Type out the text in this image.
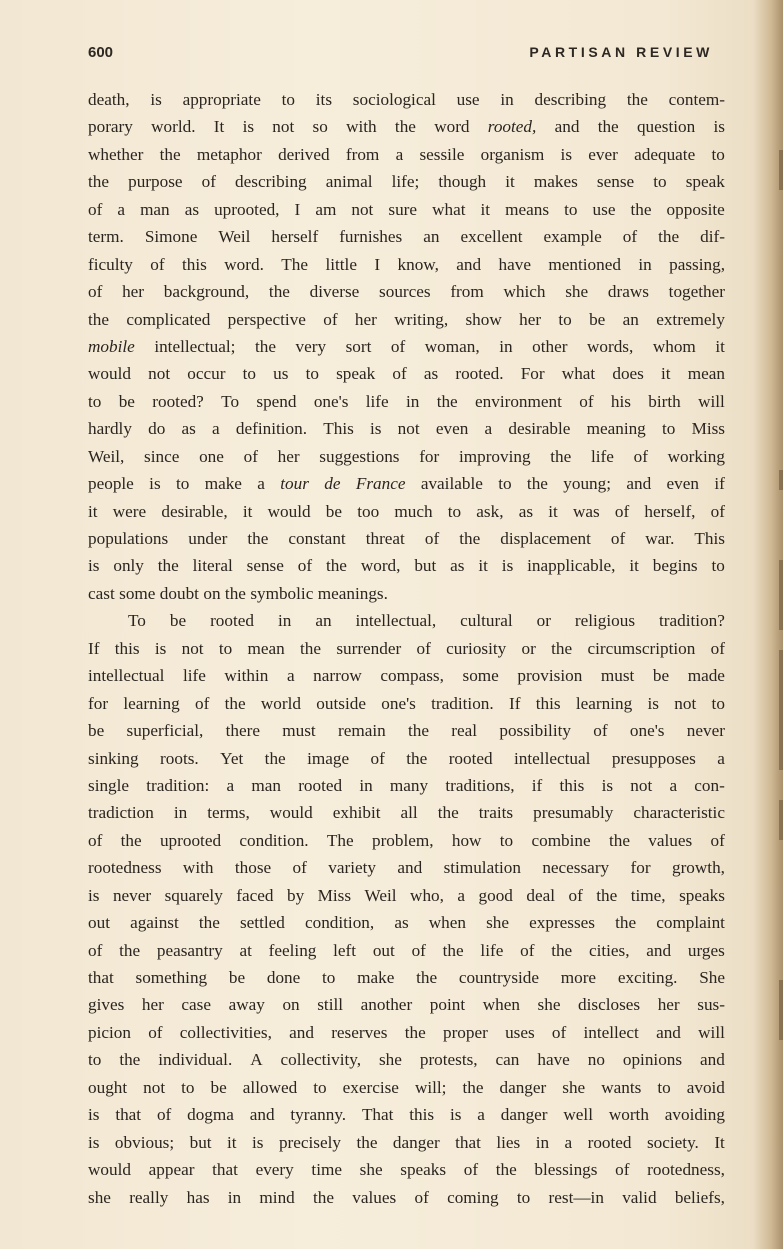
600	PARTISAN REVIEW
death, is appropriate to its sociological use in describing the contem-
porary world. It is not so with the word rooted, and the question is
whether the metaphor derived from a sessile organism is ever adequate to
the purpose of describing animal life; though it makes sense to speak
of a man as uprooted, I am not sure what it means to use the opposite
term. Simone Weil herself furnishes an excellent example of the dif-
ficulty of this word. The little I know, and have mentioned in passing,
of her background, the diverse sources from which she draws together
the complicated perspective of her writing, show her to be an extremely
mobile intellectual; the very sort of woman, in other words, whom it
would not occur to us to speak of as rooted. For what does it mean
to be rooted? To spend one's life in the environment of his birth will
hardly do as a definition. This is not even a desirable meaning to Miss
Weil, since one of her suggestions for improving the life of working
people is to make a tour de France available to the young; and even if
it were desirable, it would be too much to ask, as it was of herself, of
populations under the constant threat of the displacement of war. This
is only the literal sense of the word, but as it is inapplicable, it begins to
cast some doubt on the symbolic meanings.
To be rooted in an intellectual, cultural or religious tradition?
If this is not to mean the surrender of curiosity or the circumscription of
intellectual life within a narrow compass, some provision must be made
for learning of the world outside one's tradition. If this learning is not to
be superficial, there must remain the real possibility of one's never
sinking roots. Yet the image of the rooted intellectual presupposes a
single tradition: a man rooted in many traditions, if this is not a con-
tradiction in terms, would exhibit all the traits presumably characteristic
of the uprooted condition. The problem, how to combine the values of
rootedness with those of variety and stimulation necessary for growth,
is never squarely faced by Miss Weil who, a good deal of the time, speaks
out against the settled condition, as when she expresses the complaint
of the peasantry at feeling left out of the life of the cities, and urges
that something be done to make the countryside more exciting. She
gives her case away on still another point when she discloses her sus-
picion of collectivities, and reserves the proper uses of intellect and will
to the individual. A collectivity, she protests, can have no opinions and
ought not to be allowed to exercise will; the danger she wants to avoid
is that of dogma and tyranny. That this is a danger well worth avoiding
is obvious; but it is precisely the danger that lies in a rooted society. It
would appear that every time she speaks of the blessings of rootedness,
she really has in mind the values of coming to rest—in valid beliefs,
